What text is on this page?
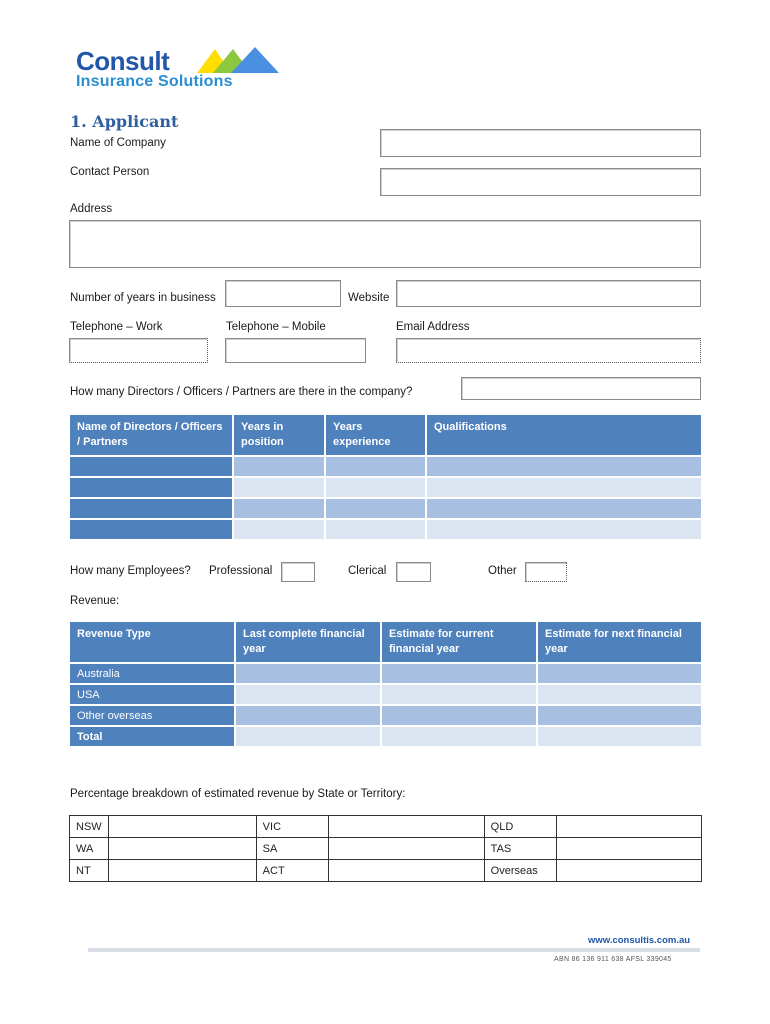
Consult
Insurance Solutions
1. Applicant
Name of Company
Contact Person
Address
Number of years in business	Website
Telephone – Work	Telephone – Mobile	Email Address
How many Directors / Officers / Partners are there in the company?
Name of Directors / Officers / Partners	Years in position	Years experience	Qualifications

How many Employees? Professional	Clerical	Other
Revenue:
Revenue Type	Last complete financial year	Estimate for current financial year	Estimate for next financial year
Australia			
USA			
Other overseas			
Total			
Percentage breakdown of estimated revenue by State or Territory:
NSW		VIC		QLD	
WA		SA		TAS	
NT		ACT		Overseas	
www.consultis.com.au
ABN 86 136 911 638 AFSL 339045
